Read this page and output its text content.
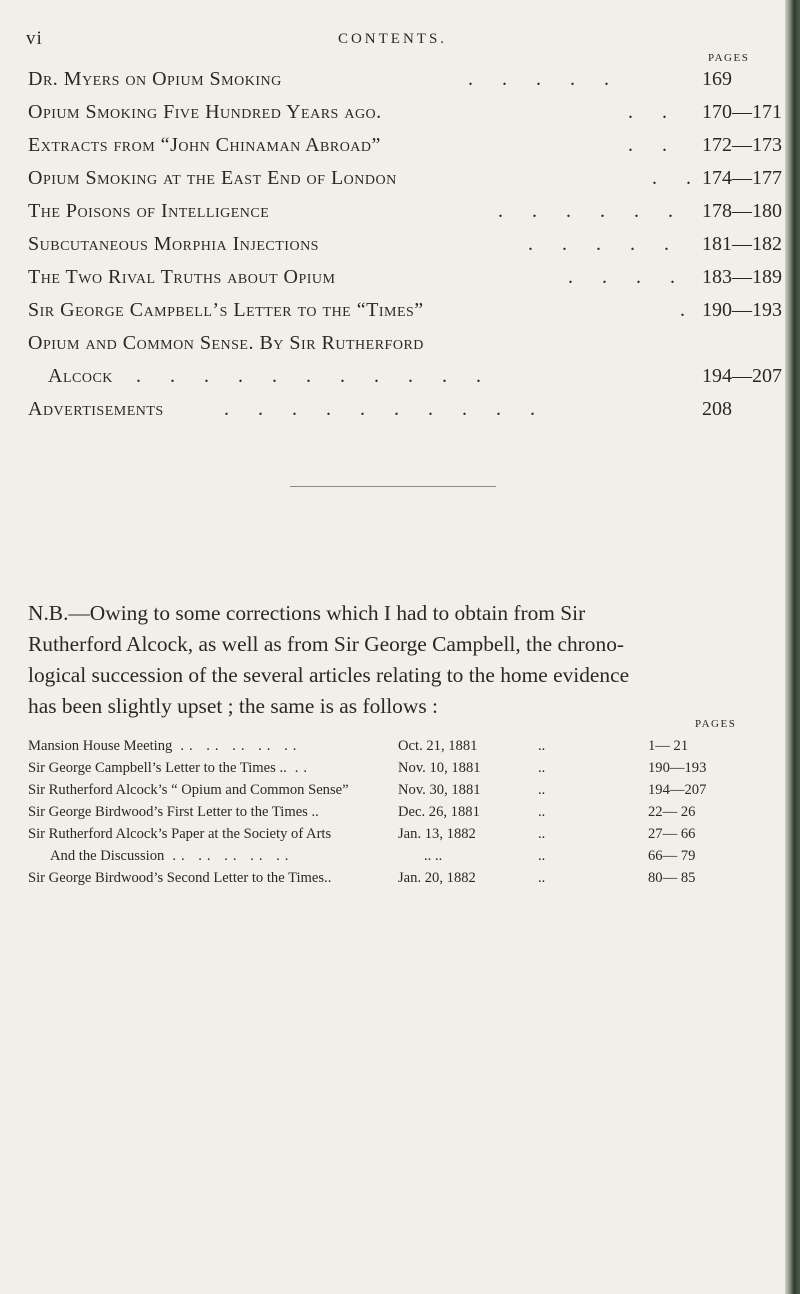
vi	CONTENTS.
PAGES
Dr. Myers on Opium Smoking	. . . . .	169
Opium Smoking Five Hundred Years ago.	. . 170—171
Extracts from “John Chinaman Abroad”	. . 172—173
Opium Smoking at the East End of London	. . 174—177
The Poisons of Intelligence	. . . . . . 178—180
Subcutaneous Morphia Injections	. . . . . 181—182
The Two Rival Truths about Opium	. . . . 183—189
Sir George Campbell’s Letter to the “Times”	. 190—193
Opium and Common Sense. By Sir Rutherford
Alcock . . . . . . . . . . .	194—207
Advertisements	. . . . . . . . . .	208
N.B.—Owing to some corrections which I had to obtain from Sir
Rutherford Alcock, as well as from Sir George Campbell, the chrono-
logical succession of the several articles relating to the home evidence
has been slightly upset ; the same is as follows :
PAGES
Mansion House Meeting .. .. .. .. ..	Oct. 21, 1881	..	1— 21
Sir George Campbell’s Letter to the Times .. ..	Nov. 10, 1881	..	190—193
Sir Rutherford Alcock’s “ Opium and Common Sense”	Nov. 30, 1881	..	194—207
Sir George Birdwood’s First Letter to the Times ..	Dec. 26, 1881	..	22— 26
Sir Rutherford Alcock’s Paper at the Society of Arts	Jan. 13, 1882	..	27— 66
And the Discussion .. .. .. .. ..	.. ..	..	66— 79
Sir George Birdwood’s Second Letter to the Times..	Jan. 20, 1882	..	80— 85
